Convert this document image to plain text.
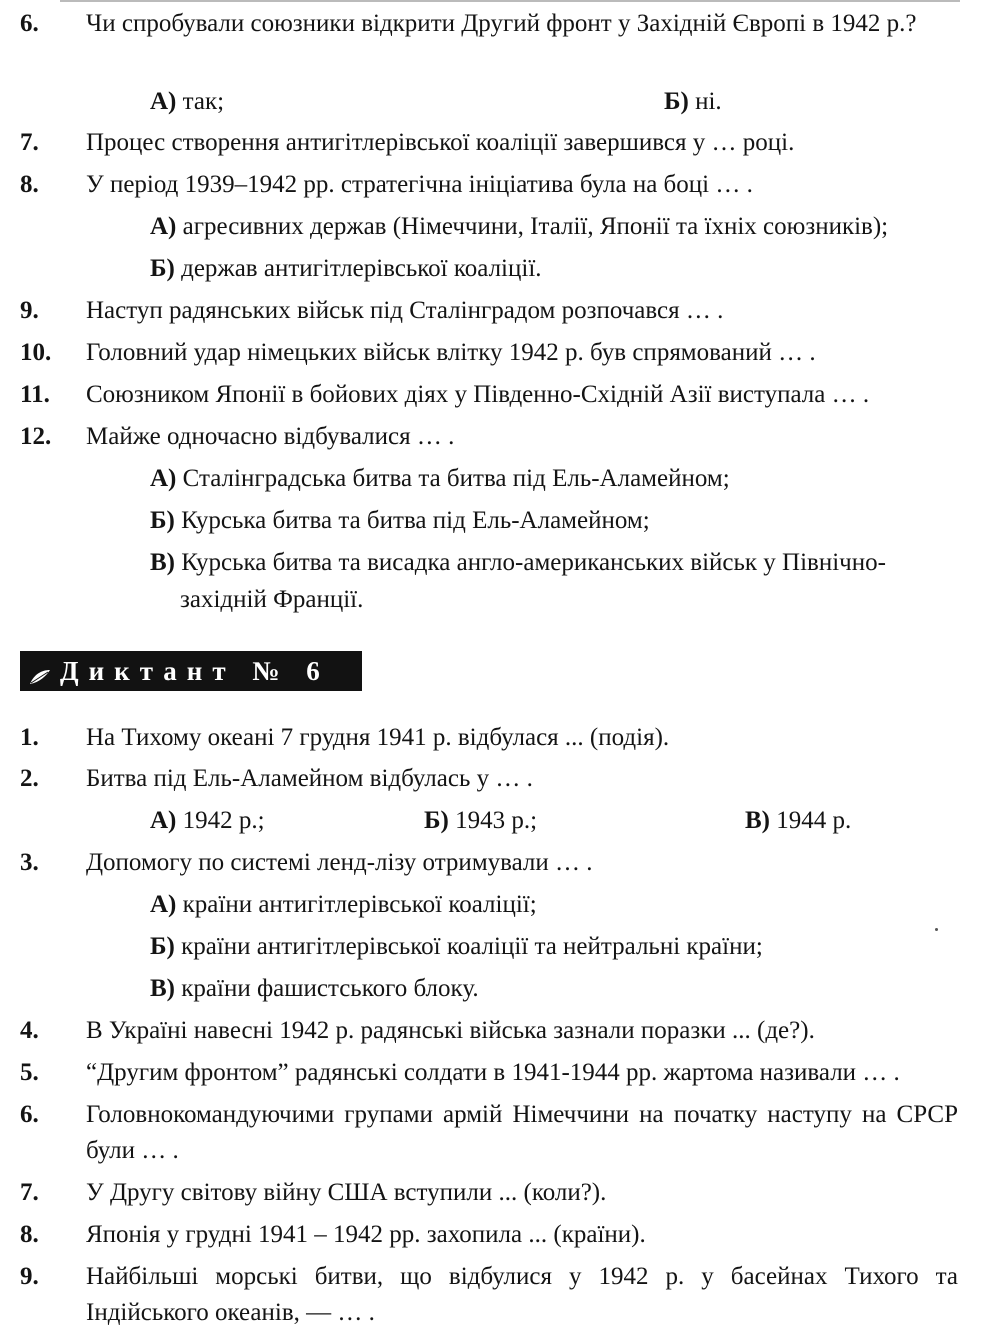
6.	Чи спробували союзники відкрити Другий фронт у Західній Європі в 1942 р.?
А) так;	Б) ні.
7.	Процес створення антигітлерівської коаліції завершився у … році.
8.	У період 1939–1942 рр. стратегічна ініціатива була на боці … .
А) агресивних держав (Німеччини, Італії, Японії та їхніх союзників);
Б) держав антигітлерівської коаліції.
9.	Наступ радянських військ під Сталінградом розпочався … .
10.	Головний удар німецьких військ влітку 1942 р. був спрямований … .
11.	Союзником Японії в бойових діях у Південно-Східній Азії виступала … .
12.	Майже одночасно відбувалися … .
А) Сталінградська битва та битва під Ель-Аламейном;
Б) Курська битва та битва під Ель-Аламейном;
В) Курська битва та висадка англо-американських військ у Північно-
західній Франції.
Диктант № 6
1.	На Тихому океані 7 грудня 1941 р. відбулася ... (подія).
2.	Битва під Ель-Аламейном відбулась у … .
А) 1942 р.;	Б) 1943 р.;	В) 1944 р.
3.	Допомогу по системі ленд-лізу отримували … .
А) країни антигітлерівської коаліції;
Б) країни антигітлерівської коаліції та нейтральні країни;
В) країни фашистського блоку.
4.	В Україні навесні 1942 р. радянські війська зазнали поразки ... (де?).
5.	“Другим фронтом” радянські солдати в 1941-1944 рр. жартома називали … .
6.	Головнокомандуючими групами армій Німеччини на початку наступу на СРСР були … .
7.	У Другу світову війну США вступили ... (коли?).
8.	Японія у грудні 1941 – 1942 рр. захопила ... (країни).
9.	Найбільші морські битви, що відбулися у 1942 р. у басейнах Тихого та Індійського океанів, — … .
